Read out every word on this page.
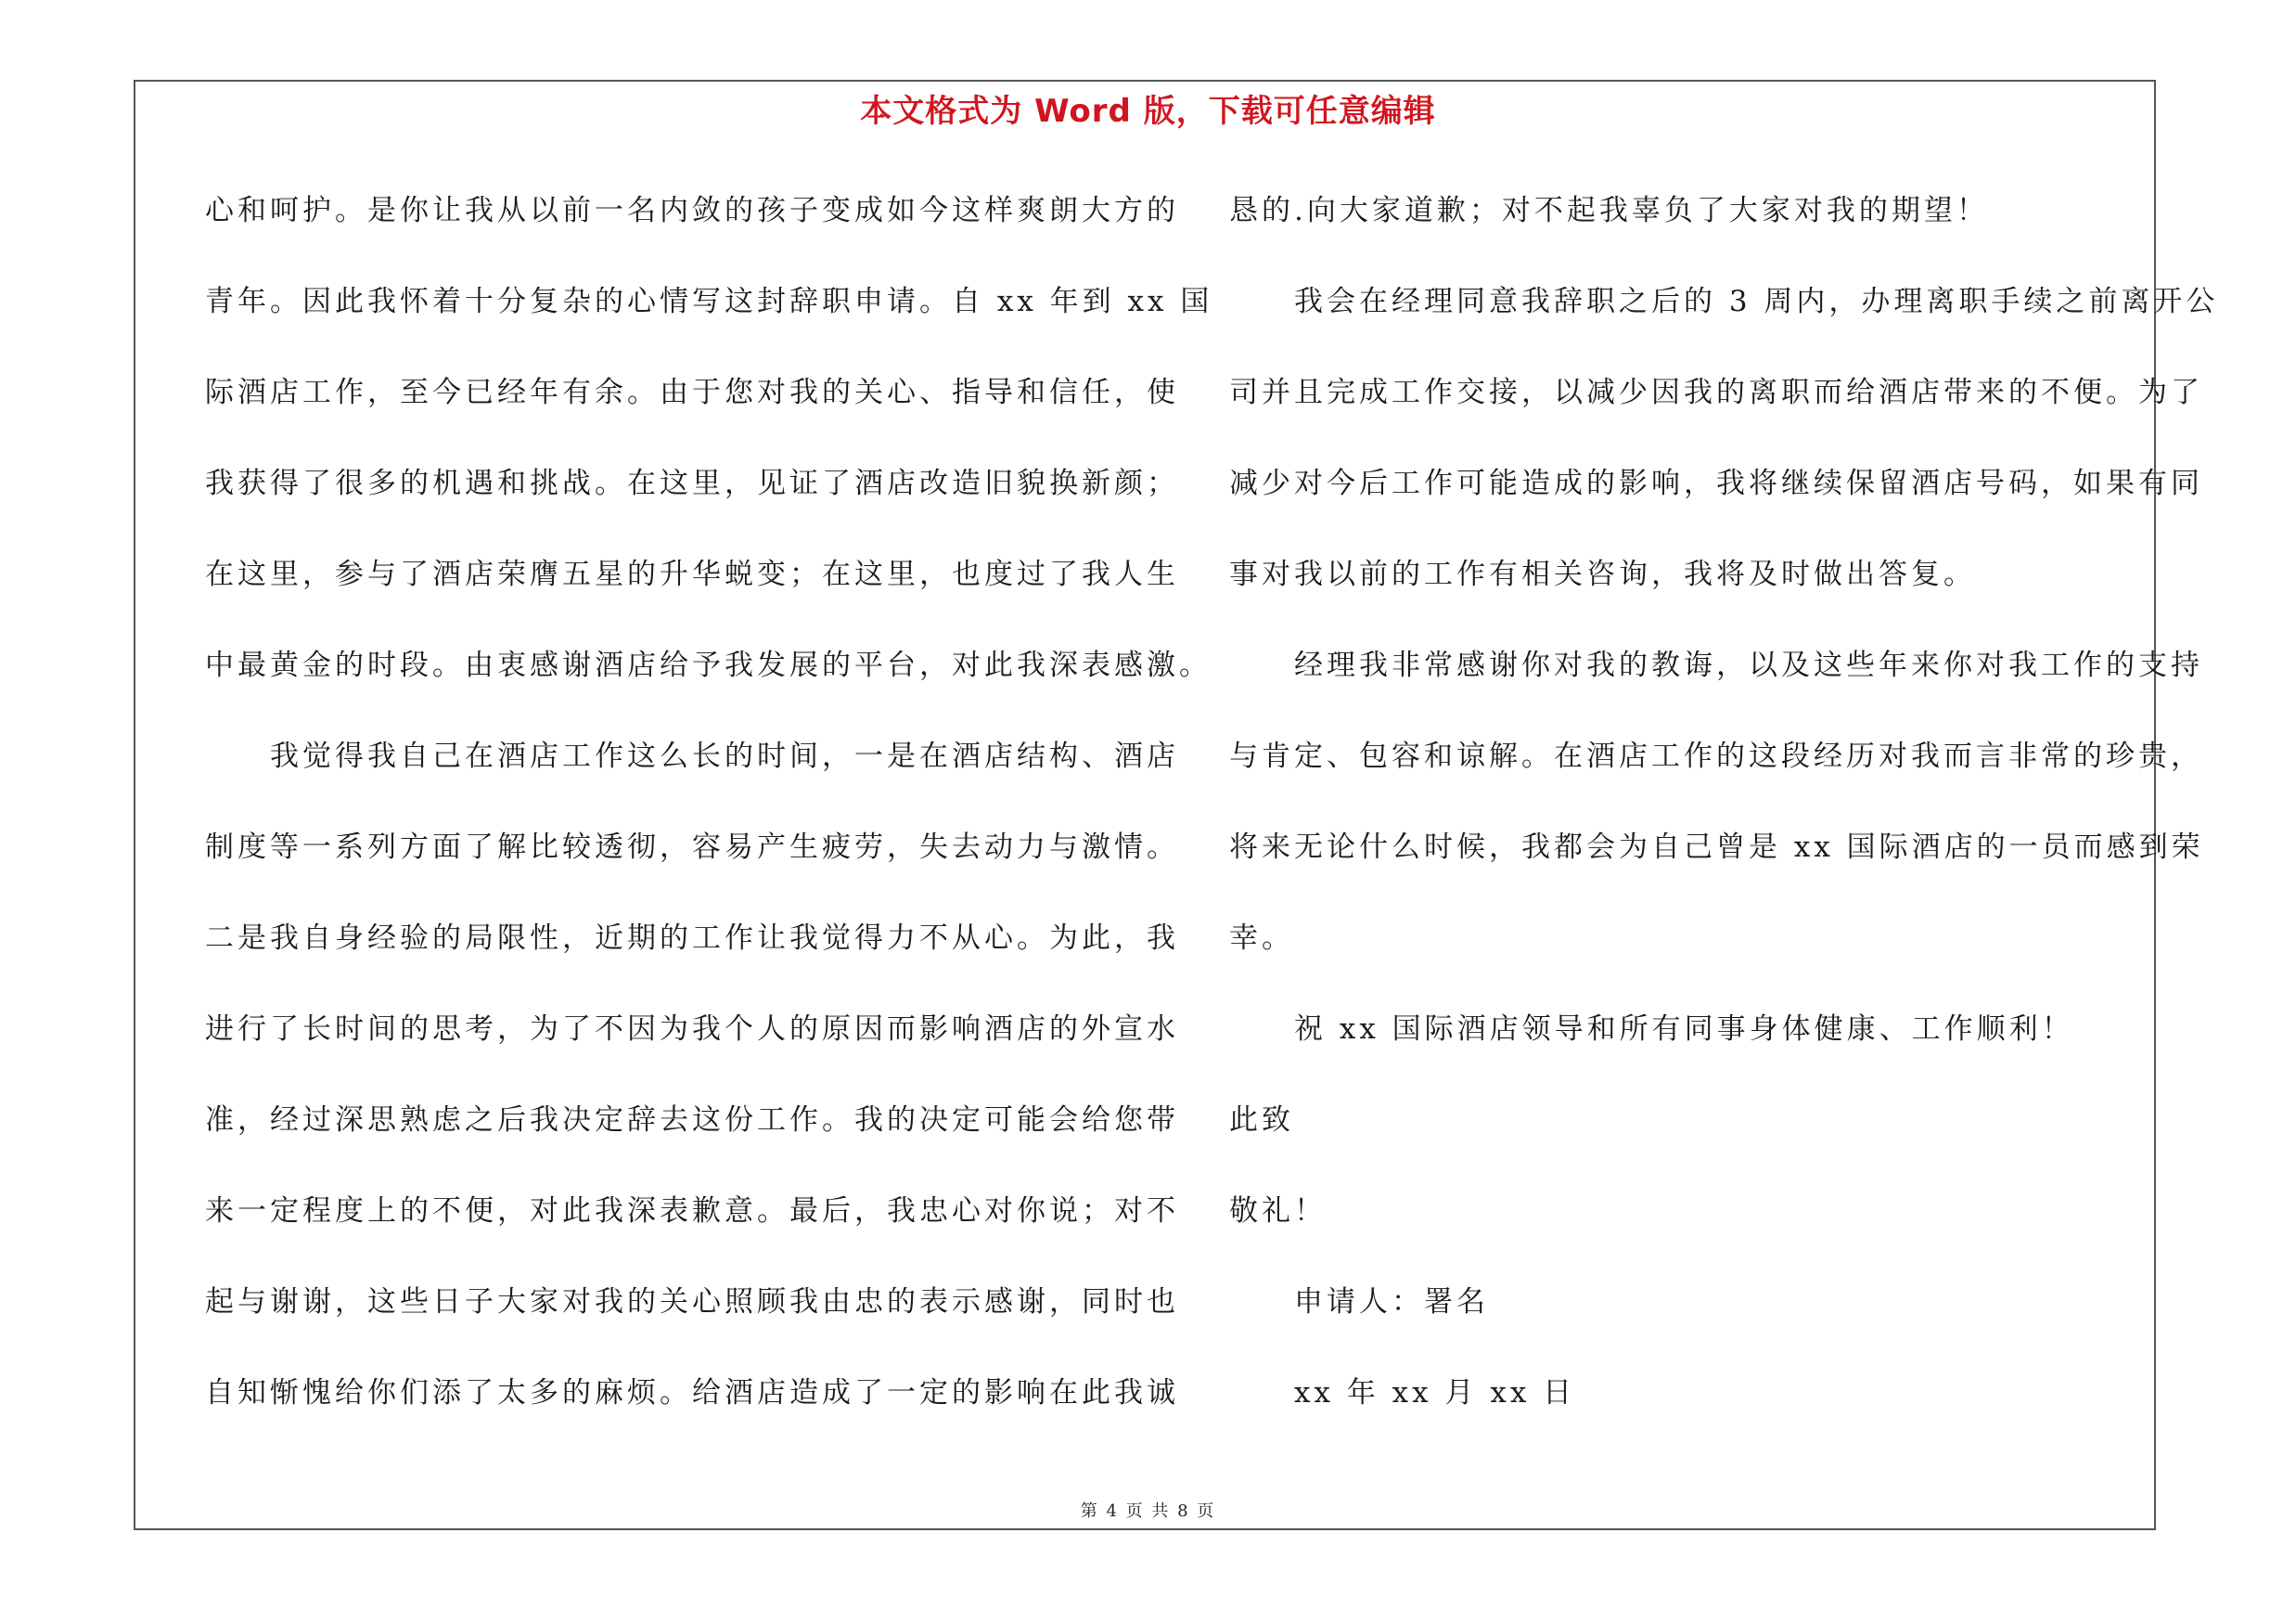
本文格式为 Word 版，下载可任意编辑
心和呵护。是你让我从以前一名内敛的孩子变成如今这样爽朗大方的
青年。因此我怀着十分复杂的心情写这封辞职申请。自 xx 年到 xx 国
际酒店工作，至今已经年有余。由于您对我的关心、指导和信任，使
我获得了很多的机遇和挑战。在这里，见证了酒店改造旧貌换新颜；
在这里，参与了酒店荣膺五星的升华蜕变；在这里，也度过了我人生
中最黄金的时段。由衷感谢酒店给予我发展的平台，对此我深表感激。
　　我觉得我自己在酒店工作这么长的时间，一是在酒店结构、酒店
制度等一系列方面了解比较透彻，容易产生疲劳，失去动力与激情。
二是我自身经验的局限性，近期的工作让我觉得力不从心。为此，我
进行了长时间的思考，为了不因为我个人的原因而影响酒店的外宣水
准，经过深思熟虑之后我决定辞去这份工作。我的决定可能会给您带
来一定程度上的不便，对此我深表歉意。最后，我忠心对你说；对不
起与谢谢，这些日子大家对我的关心照顾我由忠的表示感谢，同时也
自知惭愧给你们添了太多的麻烦。给酒店造成了一定的影响在此我诚
恳的.向大家道歉；对不起我辜负了大家对我的期望！
　　我会在经理同意我辞职之后的 3 周内，办理离职手续之前离开公
司并且完成工作交接，以减少因我的离职而给酒店带来的不便。为了
减少对今后工作可能造成的影响，我将继续保留酒店号码，如果有同
事对我以前的工作有相关咨询，我将及时做出答复。
　　经理我非常感谢你对我的教诲，以及这些年来你对我工作的支持
与肯定、包容和谅解。在酒店工作的这段经历对我而言非常的珍贵，
将来无论什么时候，我都会为自己曾是 xx 国际酒店的一员而感到荣
幸。
　　祝 xx 国际酒店领导和所有同事身体健康、工作顺利！
此致
敬礼！
　　申请人：署名
　　xx 年 xx 月 xx 日
第 4 页 共 8 页
